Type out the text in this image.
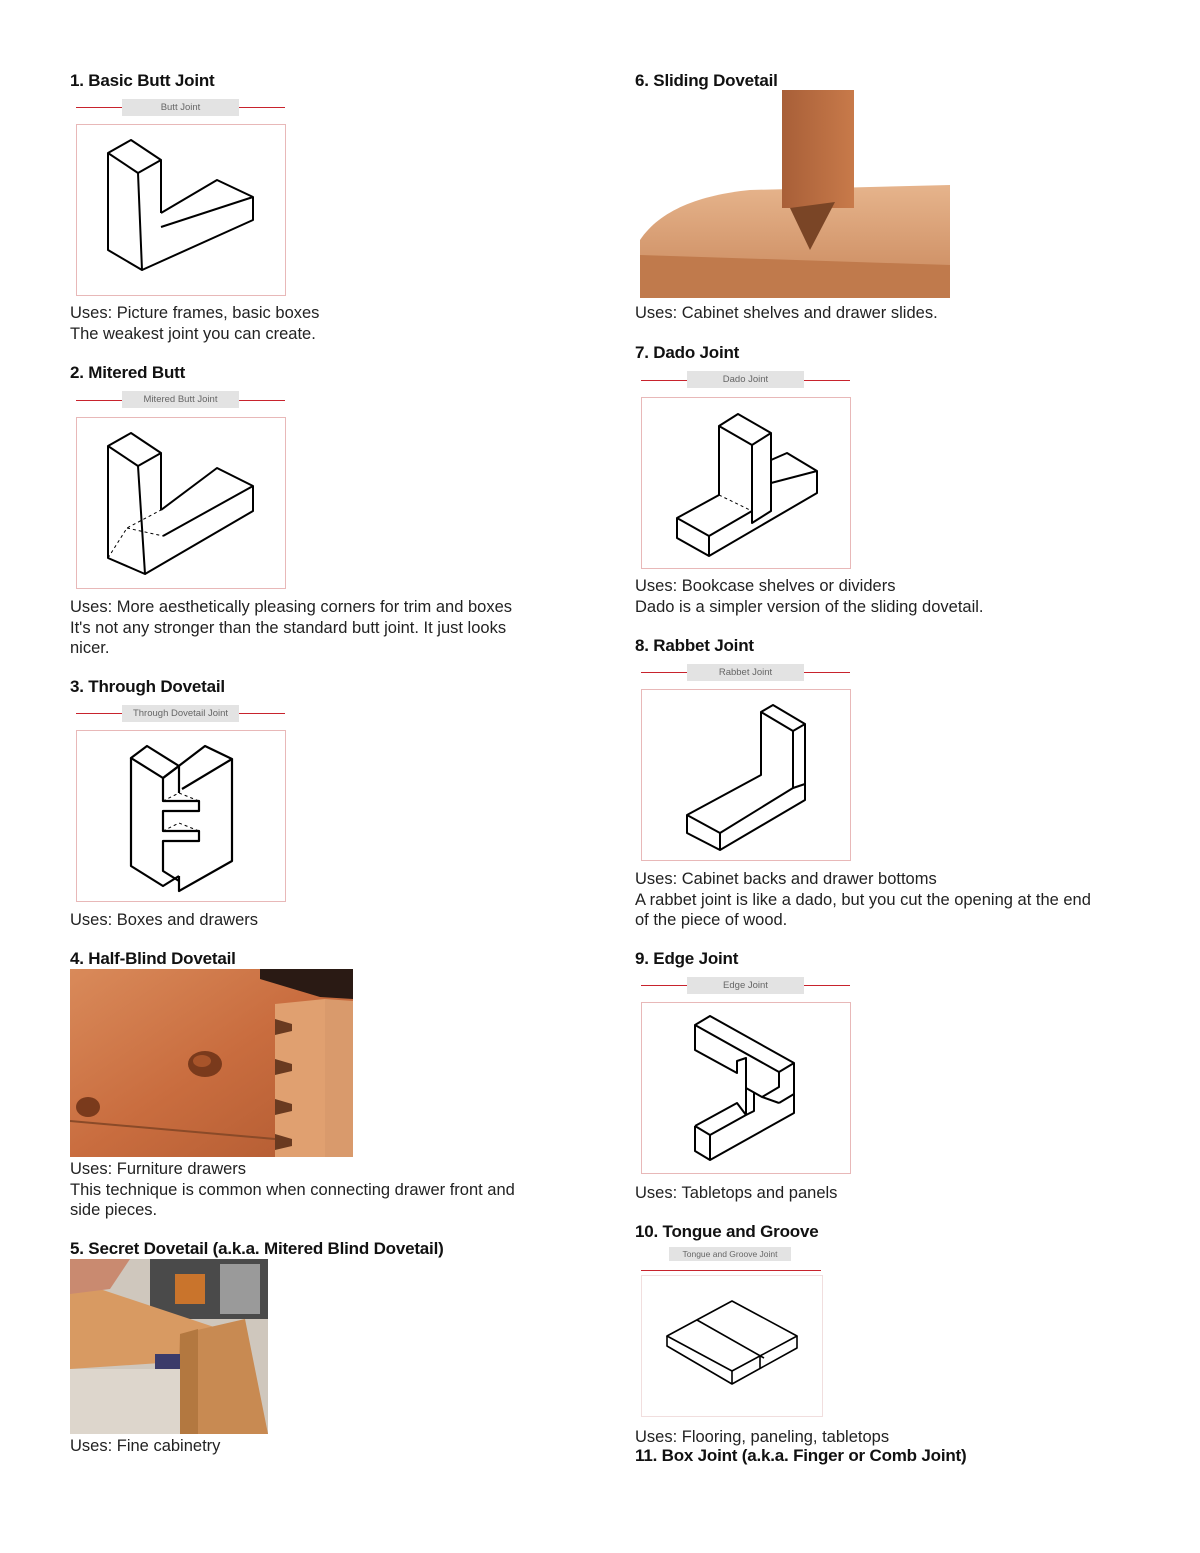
1. Basic Butt Joint
Butt Joint
Uses: Picture frames, basic boxes
The weakest joint you can create.
2. Mitered Butt
Mitered Butt Joint
Uses: More aesthetically pleasing corners for trim and boxes
It's not any stronger than the standard butt joint. It just looks
nicer.
3. Through Dovetail
Through Dovetail Joint
Uses: Boxes and drawers
4. Half-Blind Dovetail
Uses: Furniture drawers
This technique is common when connecting drawer front and
side pieces.
5. Secret Dovetail (a.k.a. Mitered Blind Dovetail)
Uses: Fine cabinetry
6. Sliding Dovetail
Uses: Cabinet shelves and drawer slides.
7. Dado Joint
Dado Joint
Uses: Bookcase shelves or dividers
Dado is a simpler version of the sliding dovetail.
8. Rabbet Joint
Rabbet Joint
Uses: Cabinet backs and drawer bottoms
A rabbet joint is like a dado, but you cut the opening at the end
of the piece of wood.
9. Edge Joint
Edge Joint
Uses: Tabletops and panels
10. Tongue and Groove
Tongue and Groove Joint
Uses: Flooring, paneling, tabletops
11. Box Joint (a.k.a. Finger or Comb Joint)
